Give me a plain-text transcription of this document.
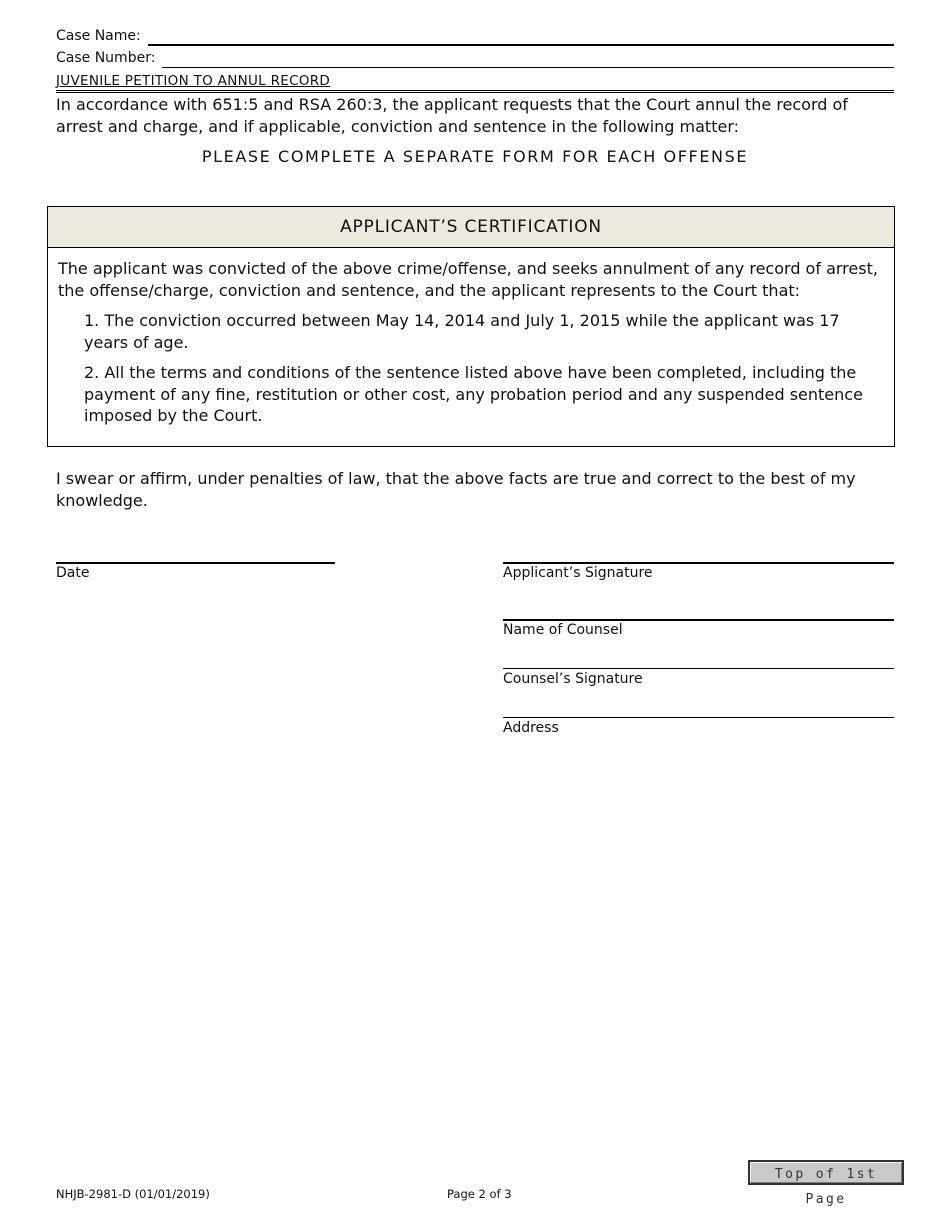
Case Name:
Case Number:
JUVENILE PETITION TO ANNUL RECORD
In accordance with 651:5 and RSA 260:3, the applicant requests that the Court annul the record of arrest and charge, and if applicable, conviction and sentence in the following matter:
PLEASE COMPLETE A SEPARATE FORM FOR EACH OFFENSE
APPLICANT’S CERTIFICATION

The applicant was convicted of the above crime/offense, and seeks annulment of any record of arrest, the offense/charge, conviction and sentence, and the applicant represents to the Court that:

1. The conviction occurred between May 14, 2014 and July 1, 2015 while the applicant was 17 years of age.

2. All the terms and conditions of the sentence listed above have been completed, including the payment of any fine, restitution or other cost, any probation period and any suspended sentence imposed by the Court.

I swear or affirm, under penalties of law, that the above facts are true and correct to the best of my knowledge.
Date	Applicant’s Signature
Name of Counsel
Counsel’s Signature
Address
NHJB-2981-D (01/01/2019)	Page 2 of 3
Top of 1st Page
